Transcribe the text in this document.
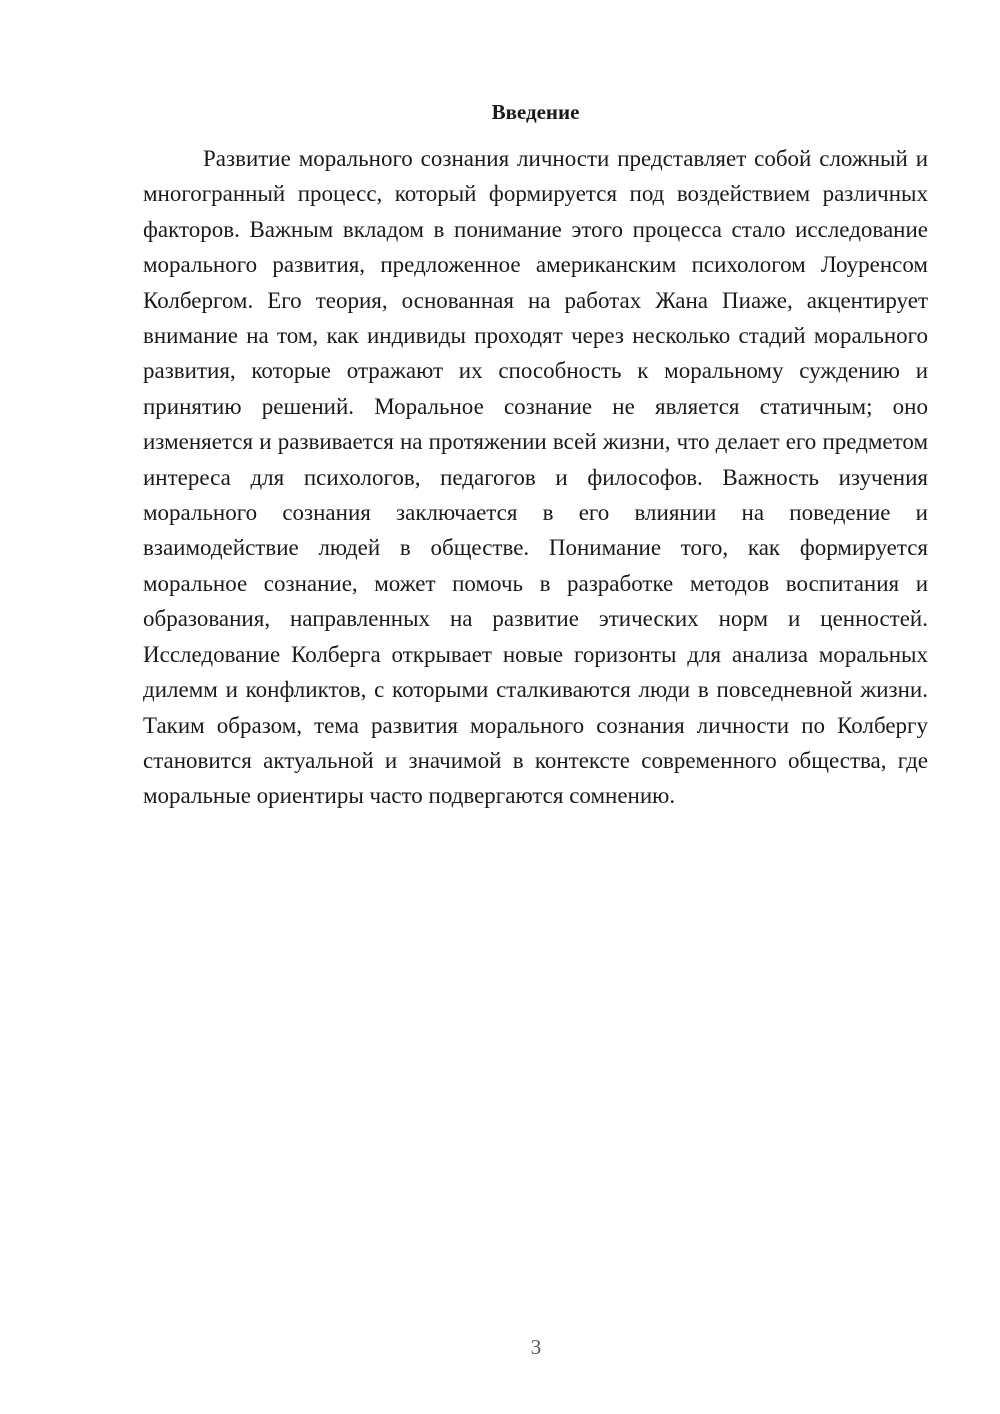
Введение

Развитие морального сознания личности представляет собой сложный и многогранный процесс, который формируется под воздействием различных факторов. Важным вкладом в понимание этого процесса стало исследование морального развития, предложенное американским психологом Лоуренсом Колбергом. Его теория, основанная на работах Жана Пиаже, акцентирует внимание на том, как индивиды проходят через несколько стадий морального развития, которые отражают их способность к моральному суждению и принятию решений. Моральное сознание не является статичным; оно изменяется и развивается на протяжении всей жизни, что делает его предметом интереса для психологов, педагогов и философов. Важность изучения морального сознания заключается в его влиянии на поведение и взаимодействие людей в обществе. Понимание того, как формируется моральное сознание, может помочь в разработке методов воспитания и образования, направленных на развитие этических норм и ценностей. Исследование Колберга открывает новые горизонты для анализа моральных дилемм и конфликтов, с которыми сталкиваются люди в повседневной жизни. Таким образом, тема развития морального сознания личности по Колбергу становится актуальной и значимой в контексте современного общества, где моральные ориентиры часто подвергаются сомнению.

3
